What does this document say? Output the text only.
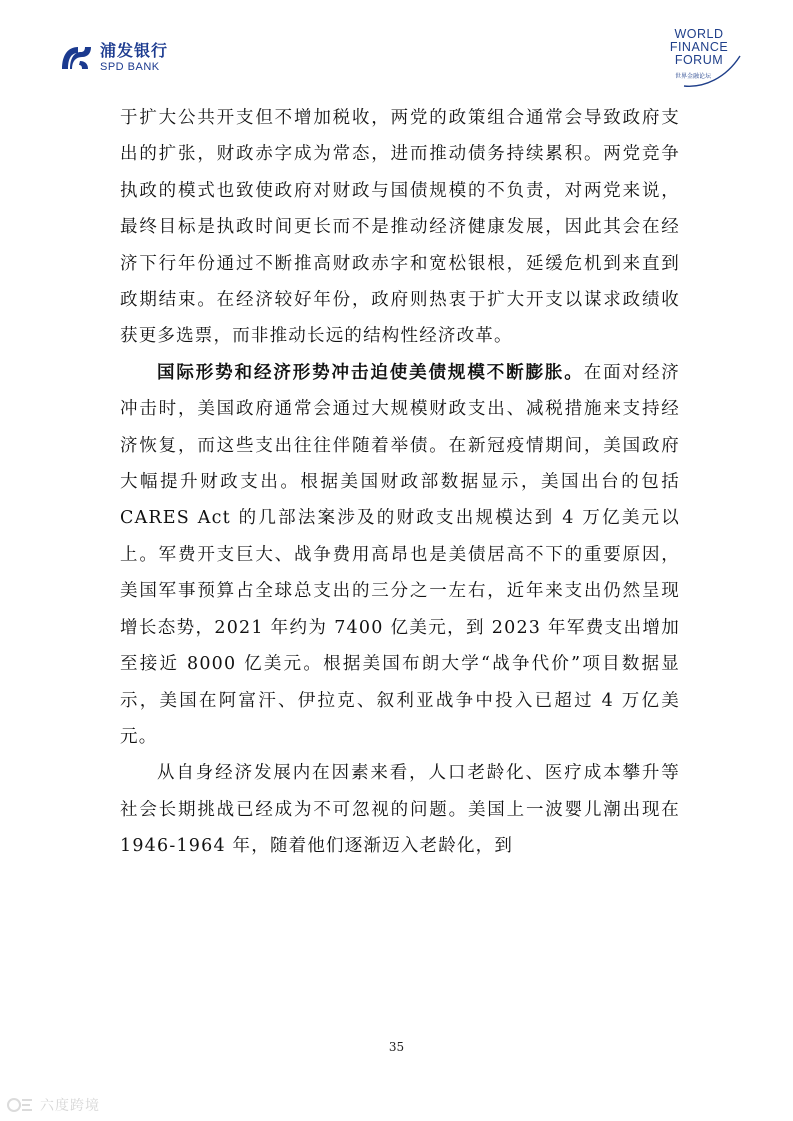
浦发银行
SPD BANK
WORLD
FINANCE
FORUM
世界金融论坛

于扩大公共开支但不增加税收，两党的政策组合通常会导致政府支出的扩张，财政赤字成为常态，进而推动债务持续累积。两党竞争执政的模式也致使政府对财政与国债规模的不负责，对两党来说，最终目标是执政时间更长而不是推动经济健康发展，因此其会在经济下行年份通过不断推高财政赤字和宽松银根，延缓危机到来直到政期结束。在经济较好年份，政府则热衷于扩大开支以谋求政绩收获更多选票，而非推动长远的结构性经济改革。

国际形势和经济形势冲击迫使美债规模不断膨胀。在面对经济冲击时，美国政府通常会通过大规模财政支出、减税措施来支持经济恢复，而这些支出往往伴随着举债。在新冠疫情期间，美国政府大幅提升财政支出。根据美国财政部数据显示，美国出台的包括 CARES Act 的几部法案涉及的财政支出规模达到 4 万亿美元以上。军费开支巨大、战争费用高昂也是美债居高不下的重要原因，美国军事预算占全球总支出的三分之一左右，近年来支出仍然呈现增长态势，2021 年约为 7400 亿美元，到 2023 年军费支出增加至接近 8000 亿美元。根据美国布朗大学“战争代价”项目数据显示，美国在阿富汗、伊拉克、叙利亚战争中投入已超过 4 万亿美元。

从自身经济发展内在因素来看，人口老龄化、医疗成本攀升等社会长期挑战已经成为不可忽视的问题。美国上一波婴儿潮出现在 1946-1964 年，随着他们逐渐迈入老龄化，到

35
六度跨境
